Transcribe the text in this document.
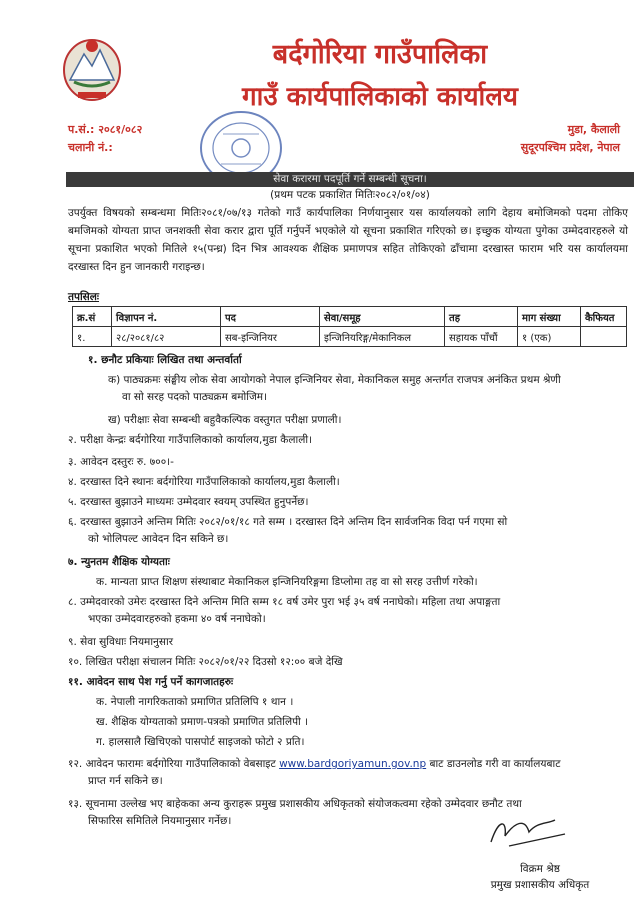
बर्दगोरिया गाउँपालिका
गाउँ कार्यपालिकाको कार्यालय
प.सं.: २०८१/०८२
चलानी नं.:
मुडा, कैलाली
सुदूरपश्चिम प्रदेश, नेपाल
सेवा करारमा पदपूर्ति गर्ने सम्बन्धी सूचना।
(प्रथम पटक प्रकाशित मितिः२०८२/०१/०४)
उपर्युक्त विषयको सम्बन्धमा मितिः२०८१/०७/१३ गतेको गाउँ कार्यपालिका निर्णयानुसार यस कार्यालयको लागि देहाय बमोजिमको पदमा तोकिए बमजिमको योग्यता प्राप्त जनशक्ती सेवा करार द्वारा पूर्ति गर्नुपर्ने भएकोले यो सूचना प्रकाशित गरिएको छ। इच्छुक योग्यता पुगेका उम्मेदवारहरुले यो सूचना प्रकाशित भएको मितिले १५(पन्ध्र) दिन भित्र आवश्यक शैक्षिक प्रमाणपत्र सहित तोकिएको ढाँचामा दरखास्त फाराम भरि यस कार्यालयमा दरखास्त दिन हुन जानकारी गराइन्छ।
तपसिलः
क्र.सं	विज्ञापन नं.	पद	सेवा/समूह	तह	माग संख्या	कैफियत
१.	२८/२०८१/८२	सब-इन्जिनियर	इन्जिनियरिङ्ग/मेकानिकल	सहायक पाँचौं	१ (एक)	
१. छनौट प्रकियाः लिखित तथा अन्तर्वार्ता
क) पाठ्यक्रमः संङ्घीय लोक सेवा आयोगको नेपाल इन्जिनियर सेवा, मेकानिकल समुह अन्तर्गत राजपत्र अनंकित प्रथम श्रेणी
वा सो सरह पदको पाठ्यक्रम बमोजिम।
ख) परीक्षाः सेवा सम्बन्धी बहुवैकल्पिक वस्तुगत परीक्षा प्रणाली।
२. परीक्षा केन्द्रः बर्दगोरिया गाउँपालिकाको कार्यालय,मुडा कैलाली।
३. आवेदन दस्तुरः रु. ७००।-
४. दरखास्त दिने स्थानः बर्दगोरिया गाउँपालिकाको कार्यालय,मुडा कैलाली।
५. दरखास्त बुझाउने माध्यमः उम्मेदवार स्वयम् उपस्थित हुनुपर्नेछ।
६. दरखास्त बुझाउने अन्तिम मितिः २०८२/०१/१८ गते सम्म । दरखास्त दिने अन्तिम दिन सार्वजनिक विदा पर्न गएमा सो
को भोलिपल्ट आवेदन दिन सकिने छ।
७. न्युनतम शैक्षिक योग्यताः
क. मान्यता प्राप्त शिक्षण संस्थाबाट मेकानिकल इन्जिनियरिङ्गमा डिप्लोमा तह वा सो सरह उत्तीर्ण गरेको।
८. उम्मेदवारको उमेरः दरखास्त दिने अन्तिम मिति सम्म १८ वर्ष उमेर पुरा भई ३५ वर्ष ननाघेको। महिला तथा अपाङ्गता
भएका उम्मेदवारहरुको हकमा ४० वर्ष ननाघेको।
९. सेवा सुविधाः नियमानुसार
१०. लिखित परीक्षा संचालन मितिः २०८२/०१/२२ दिउसो १२:०० बजे देखि
११. आवेदन साथ पेश गर्नु पर्ने कागजातहरुः
क. नेपाली नागरिकताको प्रमाणित प्रतिलिपि १ थान ।
ख. शैक्षिक योग्यताको प्रमाण-पत्रको प्रमाणित प्रतिलिपी ।
ग. हालसालै खिचिएको पासपोर्ट साइजको फोटो २ प्रति।
१२. आवेदन फारामः बर्दगोरिया गाउँपालिकाको वेबसाइट www.bardgoriyamun.gov.np बाट डाउनलोड गरी वा कार्यालयबाट
प्राप्त गर्न सकिने छ।
१३. सूचनामा उल्लेख भए बाहेकका अन्य कुराहरू प्रमुख प्रशासकीय अधिकृतको संयोजकत्वमा रहेको उम्मेदवार छनौट तथा
सिफारिस समितिले नियमानुसार गर्नेछ।
विक्रम श्रेष्ठ
प्रमुख प्रशासकीय अधिकृत
